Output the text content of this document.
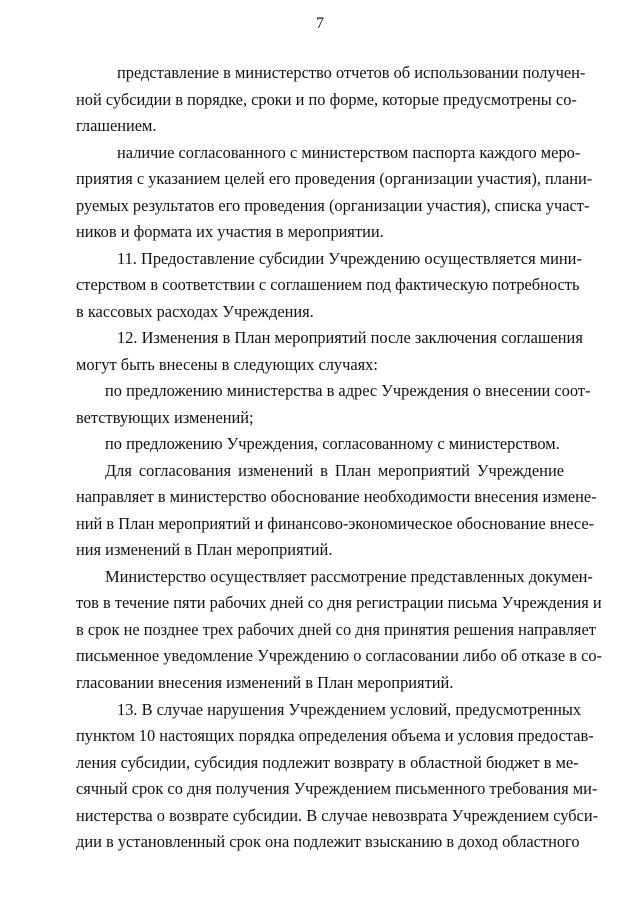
7
представление в министерство отчетов об использовании получен-
ной субсидии в порядке, сроки и по форме, которые предусмотрены со-
глашением.
наличие согласованного с министерством паспорта каждого меро-
приятия с указанием целей его проведения (организации участия), плани-
руемых результатов его проведения (организации участия), списка участ-
ников и формата их участия в мероприятии.
11. Предоставление субсидии Учреждению осуществляется мини-
стерством в соответствии с соглашением под фактическую потребность
в кассовых расходах Учреждения.
12. Изменения в План мероприятий после заключения соглашения
могут быть внесены в следующих случаях:
по предложению министерства в адрес Учреждения о внесении соот-
ветствующих изменений;
по предложению Учреждения, согласованному с министерством.
Для согласования изменений в План мероприятий Учреждение
направляет в министерство обоснование необходимости внесения измене-
ний в План мероприятий и финансово-экономическое обоснование внесе-
ния изменений в План мероприятий.
Министерство осуществляет рассмотрение представленных докумен-
тов в течение пяти рабочих дней со дня регистрации письма Учреждения и
в срок не позднее трех рабочих дней со дня принятия решения направляет
письменное уведомление Учреждению о согласовании либо об отказе в со-
гласовании внесения изменений в План мероприятий.
13. В случае нарушения Учреждением условий, предусмотренных
пунктом 10 настоящих порядка определения объема и условия предостав-
ления субсидии, субсидия подлежит возврату в областной бюджет в ме-
сячный срок со дня получения Учреждением письменного требования ми-
нистерства о возврате субсидии. В случае невозврата Учреждением субси-
дии в установленный срок она подлежит взысканию в доход областного
